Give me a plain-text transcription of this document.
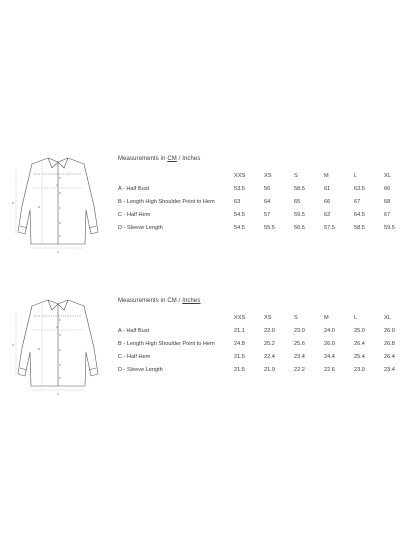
A
B
C
D
Measurements in CM / Inches
	XXS	XS	S	M	L	XL
A - Half Bust	53.5	56	58.5	61	63.5	66
B - Length High Shoulder Point to Hem	63	64	65	66	67	68
C - Half Hem	54.5	57	59.5	62	64.5	67
D - Sleeve Length	54.5	55.5	56.5	57.5	58.5	59.5
A
B
C
D
Measurements in CM / Inches
	XXS	XS	S	M	L	XL
A - Half Bust	21.1	22.0	23.0	24.0	25.0	26.0
B - Length High Shoulder Point to Hem	24.8	25.2	25.6	26.0	26.4	26.8
C - Half Hem	21.5	22.4	23.4	24.4	25.4	26.4
D - Sleeve Length	21.5	21.9	22.2	22.6	23.0	23.4
